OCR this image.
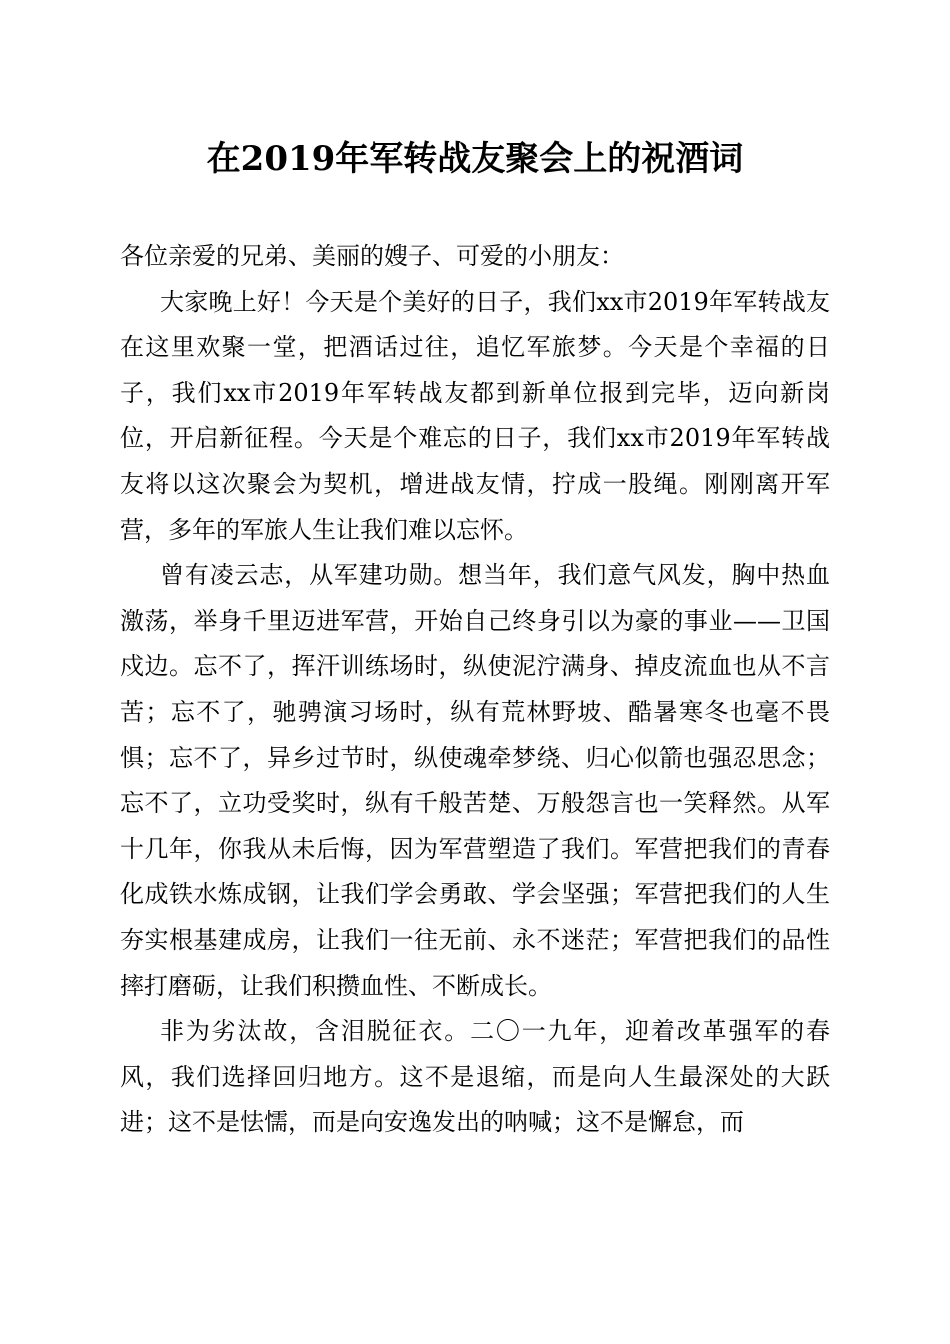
在2019年军转战友聚会上的祝酒词

各位亲爱的兄弟、美丽的嫂子、可爱的小朋友：

大家晚上好！今天是个美好的日子，我们xx市2019年军转战友在这里欢聚一堂，把酒话过往，追忆军旅梦。今天是个幸福的日子，我们xx市2019年军转战友都到新单位报到完毕，迈向新岗位，开启新征程。今天是个难忘的日子，我们xx市2019年军转战友将以这次聚会为契机，增进战友情，拧成一股绳。刚刚离开军营，多年的军旅人生让我们难以忘怀。

曾有凌云志，从军建功勋。想当年，我们意气风发，胸中热血激荡，举身千里迈进军营，开始自己终身引以为豪的事业——卫国戍边。忘不了，挥汗训练场时，纵使泥泞满身、掉皮流血也从不言苦；忘不了，驰骋演习场时，纵有荒林野坡、酷暑寒冬也毫不畏惧；忘不了，异乡过节时，纵使魂牵梦绕、归心似箭也强忍思念；忘不了，立功受奖时，纵有千般苦楚、万般怨言也一笑释然。从军十几年，你我从未后悔，因为军营塑造了我们。军营把我们的青春化成铁水炼成钢，让我们学会勇敢、学会坚强；军营把我们的人生夯实根基建成房，让我们一往无前、永不迷茫；军营把我们的品性摔打磨砺，让我们积攒血性、不断成长。

非为劣汰故，含泪脱征衣。二〇一九年，迎着改革强军的春风，我们选择回归地方。这不是退缩，而是向人生最深处的大跃进；这不是怯懦，而是向安逸发出的呐喊；这不是懈怠，而
